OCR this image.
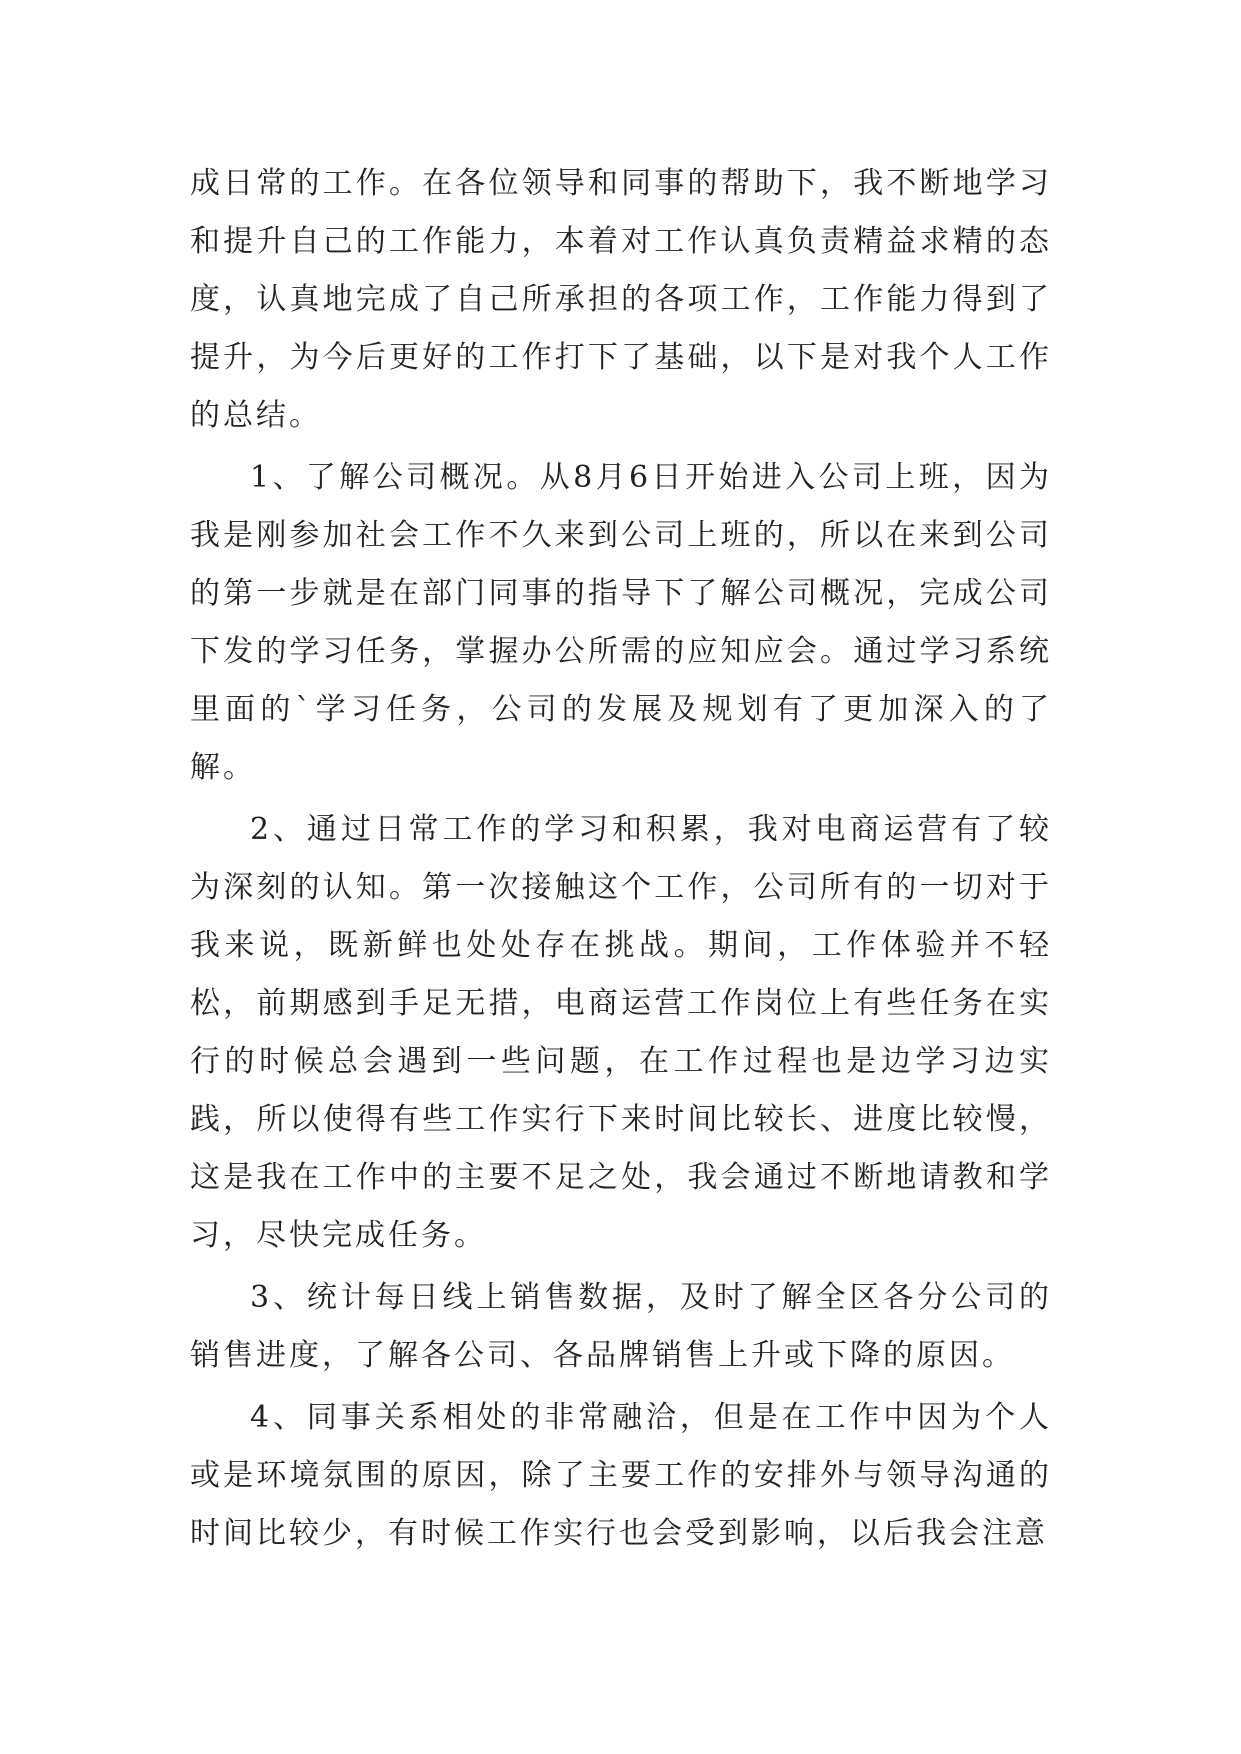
成日常的工作。在各位领导和同事的帮助下，我不断地学习和提升自己的工作能力，本着对工作认真负责精益求精的态度，认真地完成了自己所承担的各项工作，工作能力得到了提升，为今后更好的工作打下了基础，以下是对我个人工作的总结。

1、了解公司概况。从8月6日开始进入公司上班，因为我是刚参加社会工作不久来到公司上班的，所以在来到公司的第一步就是在部门同事的指导下了解公司概况，完成公司下发的学习任务，掌握办公所需的应知应会。通过学习系统里面的`学习任务，公司的发展及规划有了更加深入的了解。

2、通过日常工作的学习和积累，我对电商运营有了较为深刻的认知。第一次接触这个工作，公司所有的一切对于我来说，既新鲜也处处存在挑战。期间，工作体验并不轻松，前期感到手足无措，电商运营工作岗位上有些任务在实行的时候总会遇到一些问题，在工作过程也是边学习边实践，所以使得有些工作实行下来时间比较长、进度比较慢，这是我在工作中的主要不足之处，我会通过不断地请教和学习，尽快完成任务。

3、统计每日线上销售数据，及时了解全区各分公司的销售进度，了解各公司、各品牌销售上升或下降的原因。

4、同事关系相处的非常融洽，但是在工作中因为个人或是环境氛围的原因，除了主要工作的安排外与领导沟通的时间比较少，有时候工作实行也会受到影响，以后我会注意
